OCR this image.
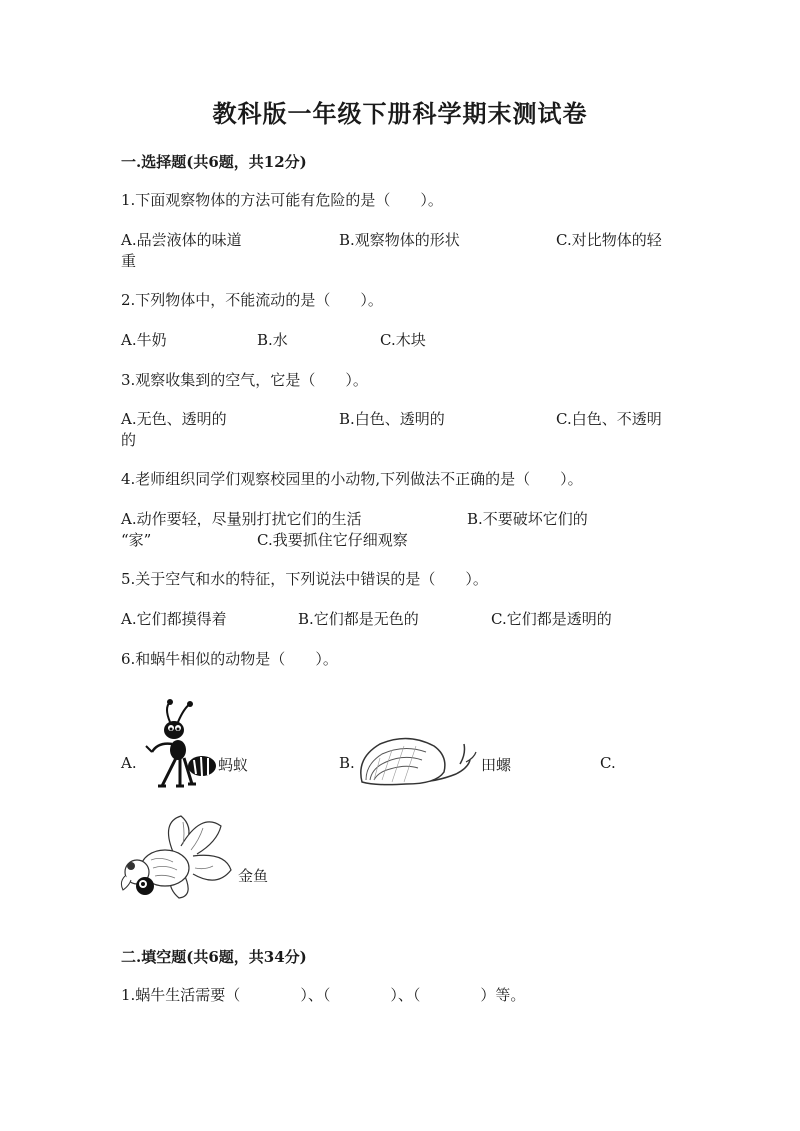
教科版一年级下册科学期末测试卷
一.选择题(共6题，共12分)
1.下面观察物体的方法可能有危险的是（　　）。
A.品尝液体的味道	B.观察物体的形状	C.对比物体的轻
重
2.下列物体中，不能流动的是（　　）。
A.牛奶	B.水	C.木块
3.观察收集到的空气，它是（　　）。
A.无色、透明的	B.白色、透明的	C.白色、不透明
的
4.老师组织同学们观察校园里的小动物,下列做法不正确的是（　　）。
A.动作要轻，尽量别打扰它们的生活	B.不要破坏它们的
“家”	C.我要抓住它仔细观察
5.关于空气和水的特征，下列说法中错误的是（　　）。
A.它们都摸得着	B.它们都是无色的	C.它们都是透明的
6.和蜗牛相似的动物是（　　）。
A.	蚂蚁	B.	田螺	C.
金鱼
二.填空题(共6题，共34分)
1.蜗牛生活需要（　　　　）、（　　　　）、（　　　　）等。
